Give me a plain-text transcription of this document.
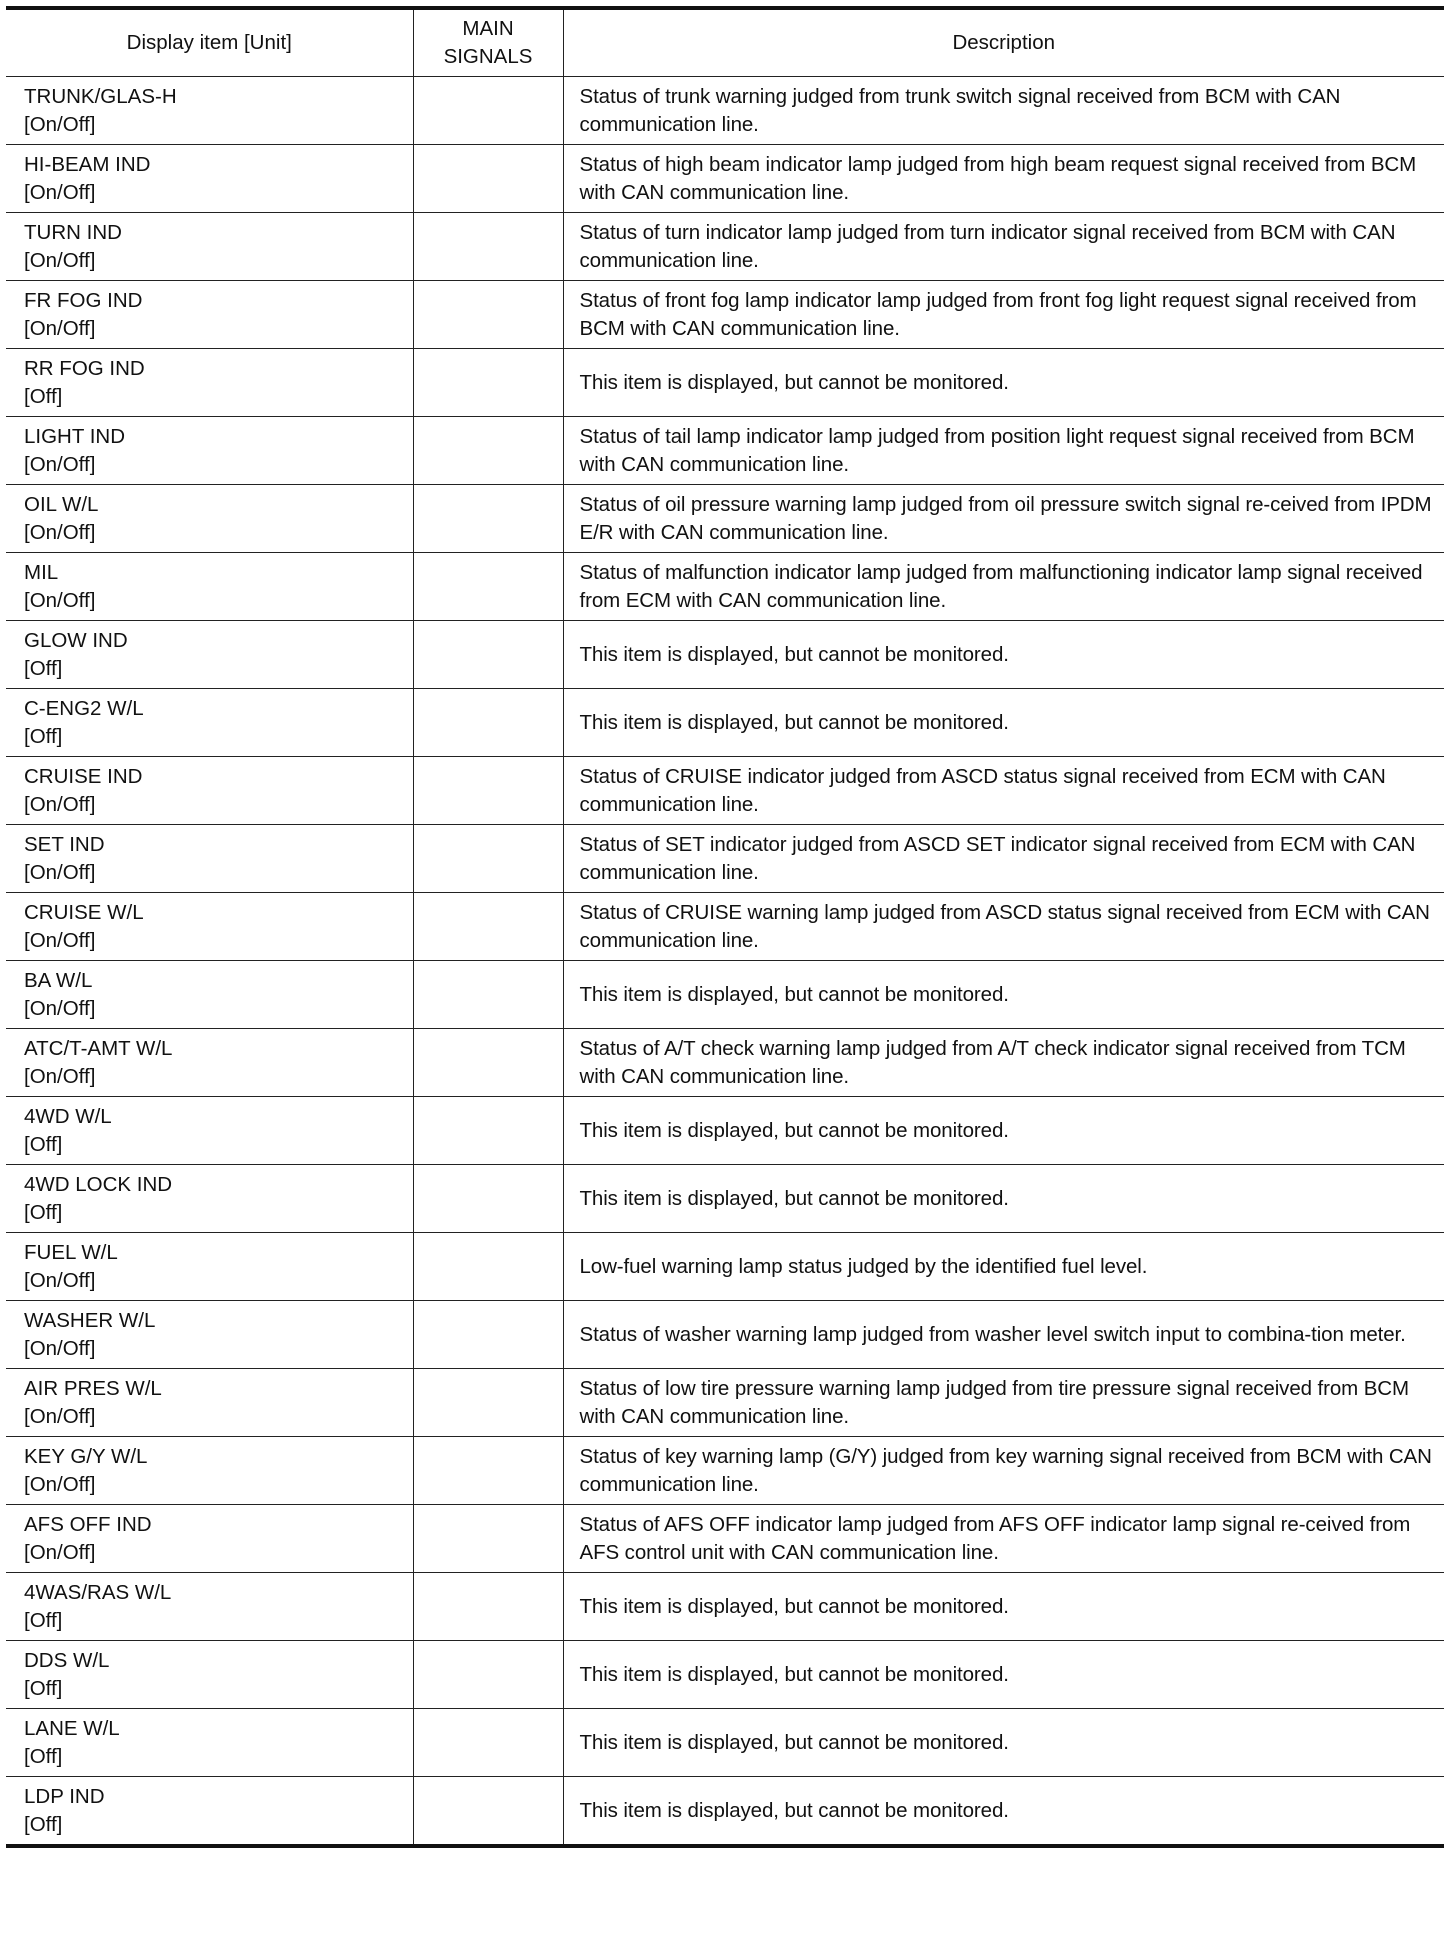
Display item [Unit]	MAIN
SIGNALS	Description

TRUNK/GLAS-H
[On/Off]		Status of trunk warning judged from trunk switch signal received from BCM with CAN communication line.

HI-BEAM IND
[On/Off]		Status of high beam indicator lamp judged from high beam request signal received from BCM with CAN communication line.

TURN IND
[On/Off]		Status of turn indicator lamp judged from turn indicator signal received from BCM with CAN communication line.

FR FOG IND
[On/Off]		Status of front fog lamp indicator lamp judged from front fog light request signal received from BCM with CAN communication line.

RR FOG IND
[Off]		This item is displayed, but cannot be monitored.

LIGHT IND
[On/Off]		Status of tail lamp indicator lamp judged from position light request signal received from BCM with CAN communication line.

OIL W/L
[On/Off]		Status of oil pressure warning lamp judged from oil pressure switch signal re-ceived from IPDM E/R with CAN communication line.

MIL
[On/Off]		Status of malfunction indicator lamp judged from malfunctioning indicator lamp signal received from ECM with CAN communication line.

GLOW IND
[Off]		This item is displayed, but cannot be monitored.

C-ENG2 W/L
[Off]		This item is displayed, but cannot be monitored.

CRUISE IND
[On/Off]		Status of CRUISE indicator judged from ASCD status signal received from ECM with CAN communication line.

SET IND
[On/Off]		Status of SET indicator judged from ASCD SET indicator signal received from ECM with CAN communication line.

CRUISE W/L
[On/Off]		Status of CRUISE warning lamp judged from ASCD status signal received from ECM with CAN communication line.

BA W/L
[On/Off]		This item is displayed, but cannot be monitored.

ATC/T-AMT W/L
[On/Off]		Status of A/T check warning lamp judged from A/T check indicator signal received from TCM with CAN communication line.

4WD W/L
[Off]		This item is displayed, but cannot be monitored.

4WD LOCK IND
[Off]		This item is displayed, but cannot be monitored.

FUEL W/L
[On/Off]		Low-fuel warning lamp status judged by the identified fuel level.

WASHER W/L
[On/Off]		Status of washer warning lamp judged from washer level switch input to combina-tion meter.

AIR PRES W/L
[On/Off]		Status of low tire pressure warning lamp judged from tire pressure signal received from BCM with CAN communication line.

KEY G/Y W/L
[On/Off]		Status of key warning lamp (G/Y) judged from key warning signal received from BCM with CAN communication line.

AFS OFF IND
[On/Off]		Status of AFS OFF indicator lamp judged from AFS OFF indicator lamp signal re-ceived from AFS control unit with CAN communication line.

4WAS/RAS W/L
[Off]		This item is displayed, but cannot be monitored.

DDS W/L
[Off]		This item is displayed, but cannot be monitored.

LANE W/L
[Off]		This item is displayed, but cannot be monitored.

LDP IND
[Off]		This item is displayed, but cannot be monitored.
